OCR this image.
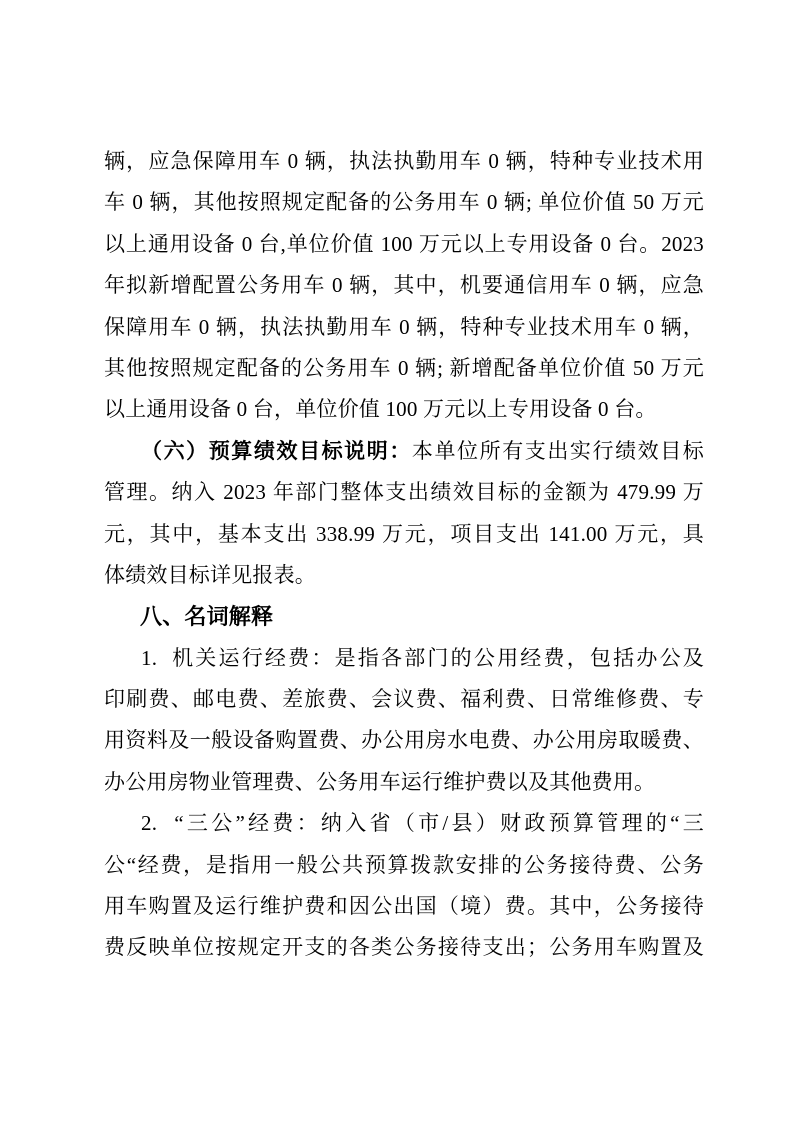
辆，应急保障用车 0 辆，执法执勤用车 0 辆，特种专业技术用
车 0 辆，其他按照规定配备的公务用车 0 辆; 单位价值 50 万元
以上通用设备 0 台,单位价值 100 万元以上专用设备 0 台。2023
年拟新增配置公务用车 0 辆，其中，机要通信用车 0 辆，应急
保障用车 0 辆，执法执勤用车 0 辆，特种专业技术用车 0 辆，
其他按照规定配备的公务用车 0 辆; 新增配备单位价值 50 万元
以上通用设备 0 台，单位价值 100 万元以上专用设备 0 台。
（六）预算绩效目标说明：本单位所有支出实行绩效目标
管理。纳入 2023 年部门整体支出绩效目标的金额为 479.99 万
元，其中，基本支出 338.99 万元，项目支出 141.00 万元，具
体绩效目标详见报表。
八、名词解释
1.  机关运行经费：是指各部门的公用经费，包括办公及
印刷费、邮电费、差旅费、会议费、福利费、日常维修费、专
用资料及一般设备购置费、办公用房水电费、办公用房取暖费、
办公用房物业管理费、公务用车运行维护费以及其他费用。
2.  “三公”经费：纳入省（市/县）财政预算管理的“三
公“经费，是指用一般公共预算拨款安排的公务接待费、公务
用车购置及运行维护费和因公出国（境）费。其中，公务接待
费反映单位按规定开支的各类公务接待支出；公务用车购置及
